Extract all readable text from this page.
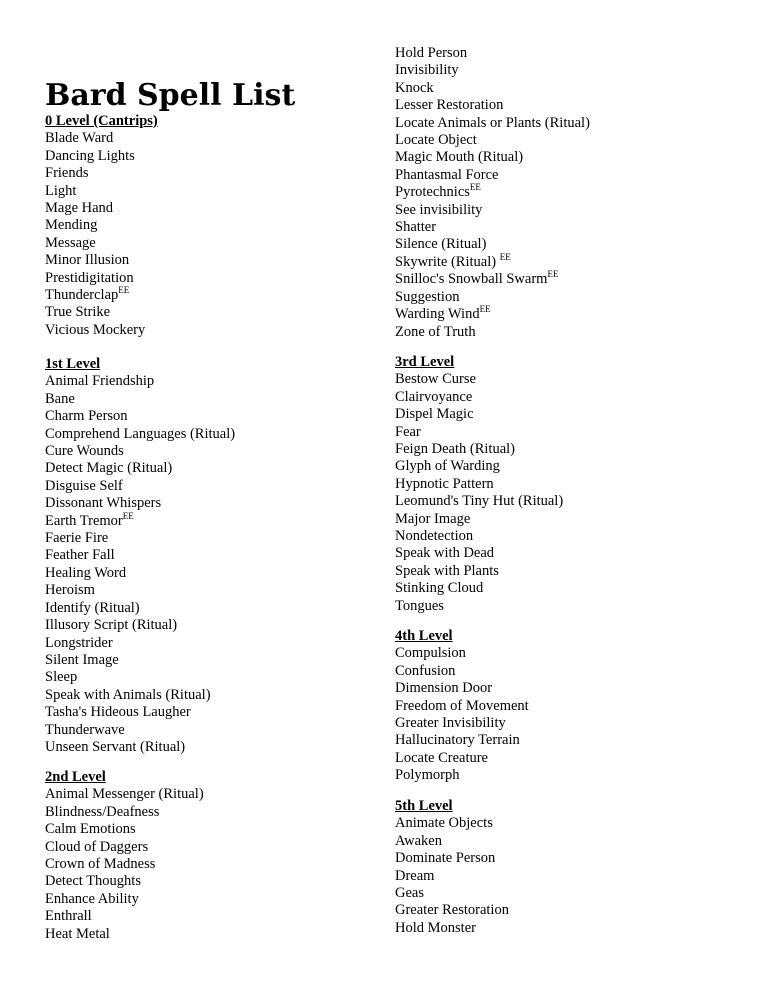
Bard Spell List
0 Level (Cantrips)
Blade Ward
Dancing Lights
Friends
Light
Mage Hand
Mending
Message
Minor Illusion
Prestidigitation
Thunderclap$^{EE}$
True Strike
Vicious Mockery
1st Level
Animal Friendship
Bane
Charm Person
Comprehend Languages (Ritual)
Cure Wounds
Detect Magic (Ritual)
Disguise Self
Dissonant Whispers
Earth Tremor$^{EE}$
Faerie Fire
Feather Fall
Healing Word
Heroism
Identify (Ritual)
Illusory Script (Ritual)
Longstrider
Silent Image
Sleep
Speak with Animals (Ritual)
Tasha's Hideous Laugher
Thunderwave
Unseen Servant (Ritual)
2nd Level
Animal Messenger (Ritual)
Blindness/Deafness
Calm Emotions
Cloud of Daggers
Crown of Madness
Detect Thoughts
Enhance Ability
Enthrall
Heat Metal
Hold Person
Invisibility
Knock
Lesser Restoration
Locate Animals or Plants (Ritual)
Locate Object
Magic Mouth (Ritual)
Phantasmal Force
Pyrotechnics$^{EE}$
See invisibility
Shatter
Silence (Ritual)
Skywrite (Ritual) $^{EE}$
Snilloc's Snowball Swarm$^{EE}$
Suggestion
Warding Wind$^{EE}$
Zone of Truth
3rd Level
Bestow Curse
Clairvoyance
Dispel Magic
Fear
Feign Death (Ritual)
Glyph of Warding
Hypnotic Pattern
Leomund's Tiny Hut (Ritual)
Major Image
Nondetection
Speak with Dead
Speak with Plants
Stinking Cloud
Tongues
4th Level
Compulsion
Confusion
Dimension Door
Freedom of Movement
Greater Invisibility
Hallucinatory Terrain
Locate Creature
Polymorph
5th Level
Animate Objects
Awaken
Dominate Person
Dream
Geas
Greater Restoration
Hold Monster
